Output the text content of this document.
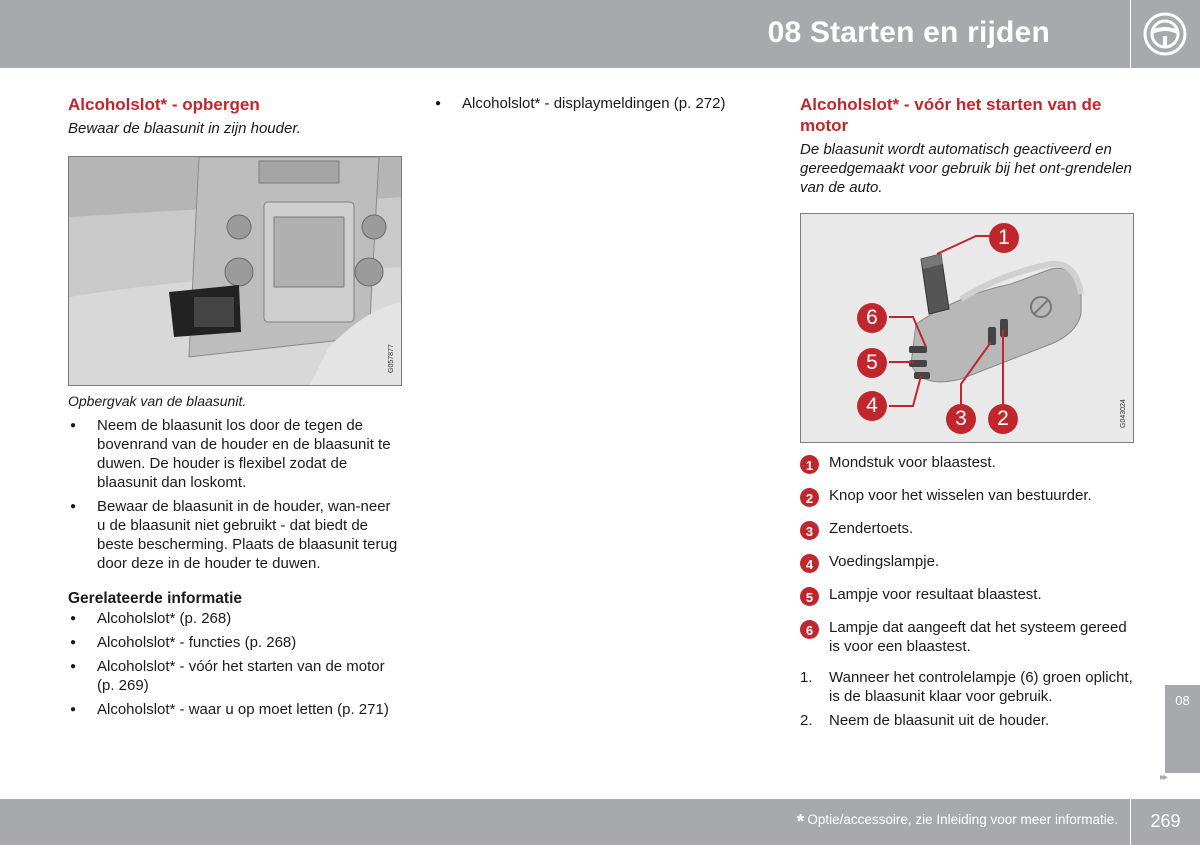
08 Starten en rijden
Alcoholslot* - opbergen

Bewaar de blaasunit in zijn houder.

G057877

Opbergvak van de blaasunit.

● Neem de blaasunit los door de tegen de bovenrand van de houder en de blaasunit te duwen. De houder is flexibel zodat de blaasunit dan loskomt.
● Bewaar de blaasunit in de houder, wan-neer u de blaasunit niet gebruikt - dat biedt de beste bescherming. Plaats de blaasunit terug door deze in de houder te duwen.
Gerelateerde informatie
● Alcoholslot* (p. 268)
● Alcoholslot* - functies (p. 268)
● Alcoholslot* - vóór het starten van de motor (p. 269)
● Alcoholslot* - waar u op moet letten (p. 271)
● Alcoholslot* - displaymeldingen (p. 272)	Alcoholslot* - vóór het starten van de motor

De blaasunit wordt automatisch geactiveerd en gereedgemaakt voor gebruik bij het ont-grendelen van de auto.

1
2
3
4
5
6
G043024
1	Mondstuk voor blaastest.
2	Knop voor het wisselen van bestuurder.
3	Zendertoets.
4	Voedingslampje.
5	Lampje voor resultaat blaastest.
6	Lampje dat aangeeft dat het systeem gereed is voor een blaastest.
1. Wanneer het controlelampje (6) groen oplicht, is de blaasunit klaar voor gebruik.
2. Neem de blaasunit uit de houder.
08
▸▸
* Optie/accessoire, zie Inleiding voor meer informatie.	269
